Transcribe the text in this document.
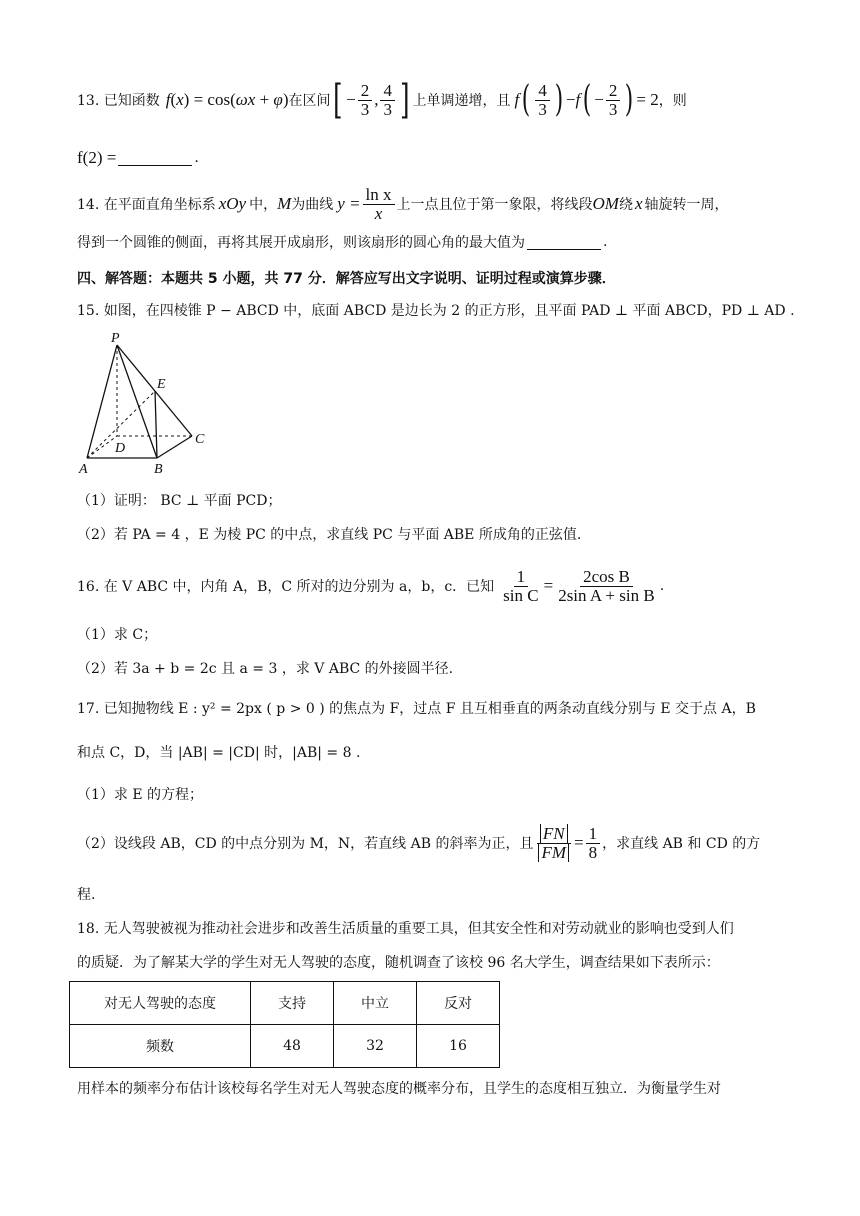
13. 已知函数 f(x) = cos(ωx + φ) 在区间 [ − $\frac{2}{3}$ , $\frac{4}{3}$ ] 上单调递增，且 f ( $\frac{4}{3}$ ) − f ( − $\frac{2}{3}$ ) = 2 ，则
f(2) =	.
14. 在平面直角坐标系 xOy 中， M 为曲线 $y = \frac{\text{ln x}}{x}$ 上一点且位于第一象限，将线段 OM 绕 x 轴旋转一周，
得到一个圆锥的侧面，再将其展开成扇形，则该扇形的圆心角的最大值为	.
四、解答题：本题共 5 小题，共 77 分．解答应写出文字说明、证明过程或演算步骤．
15. 如图，在四棱锥 P − ABCD 中，底面 ABCD 是边长为 2 的正方形，且平面 PAD ⊥ 平面 ABCD，PD ⊥ AD .
P
E
C
D
A	B
（1）证明： BC ⊥ 平面 PCD；
（2）若 PA = 4 ，E 为棱 PC 的中点，求直线 PC 与平面 ABE 所成角的正弦值.
16. 在 V ABC 中，内角 A，B，C 所对的边分别为 a，b，c．已知 $\frac{1}{\text{sin C}} = \frac{\text{2cos B}}{\text{2sin A + sin B}}$ .
（1）求 C；
（2）若 3a + b = 2c 且 a = 3 ，求 V ABC 的外接圆半径.
17. 已知抛物线 E : y² = 2px ( p > 0 ) 的焦点为 F，过点 F 且互相垂直的两条动直线分别与 E 交于点 A，B
和点 C，D，当 |AB| = |CD| 时，|AB| = 8 .
（1）求 E 的方程；
（2）设线段 AB，CD 的中点分别为 M，N，若直线 AB 的斜率为正，且 $\frac{FN}{FM} = \frac{1}{8}$ ，求直线 AB 和 CD 的方
程.
18. 无人驾驶被视为推动社会进步和改善生活质量的重要工具，但其安全性和对劳动就业的影响也受到人们
的质疑．为了解某大学的学生对无人驾驶的态度，随机调查了该校 96 名大学生，调查结果如下表所示：
对无人驾驶的态度	支持	中立	反对
频数	48	32	16
用样本的频率分布估计该校每名学生对无人驾驶态度的概率分布，且学生的态度相互独立．为衡量学生对
